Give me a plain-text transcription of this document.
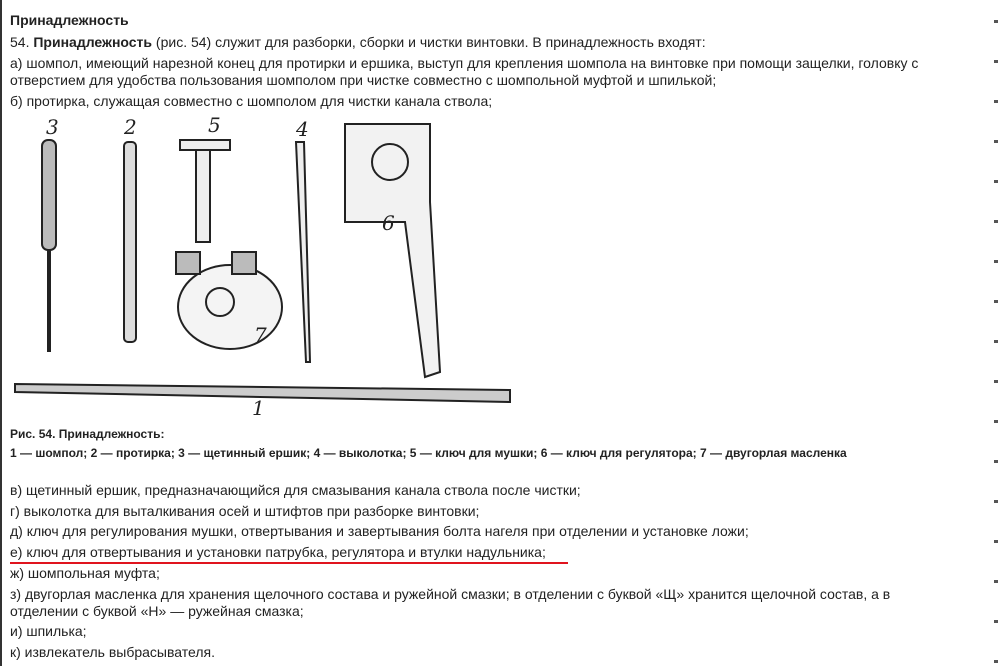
Принадлежность
54. Принадлежность (рис. 54) служит для разборки, сборки и чистки винтовки. В принадлежность входят:
а) шомпол, имеющий нарезной конец для протирки и ершика, выступ для крепления шомпола на винтовке при помощи защелки, головку с
отверстием для удобства пользования шомполом при чистке совместно с шомпольной муфтой и шпилькой;
б) протирка, служащая совместно с шомполом для чистки канала ствола;
3	2	5	4
6
7
1
Рис. 54. Принадлежность:
1 — шомпол; 2 — протирка; 3 — щетинный ершик; 4 — выколотка; 5 — ключ для мушки; 6 — ключ для регулятора; 7 — двугорлая масленка
в) щетинный ершик, предназначающийся для смазывания канала ствола после чистки;
г) выколотка для выталкивания осей и штифтов при разборке винтовки;
д) ключ для регулирования мушки, отвертывания и завертывания болта нагеля при отделении и установке ложи;
е) ключ для отвертывания и установки патрубка, регулятора и втулки надульника;
ж) шомпольная муфта;
з) двугорлая масленка для хранения щелочного состава и ружейной смазки; в отделении с буквой «Щ» хранится щелочной состав, а в
отделении с буквой «Н» — ружейная смазка;
и) шпилька;
к) извлекатель выбрасывателя.
